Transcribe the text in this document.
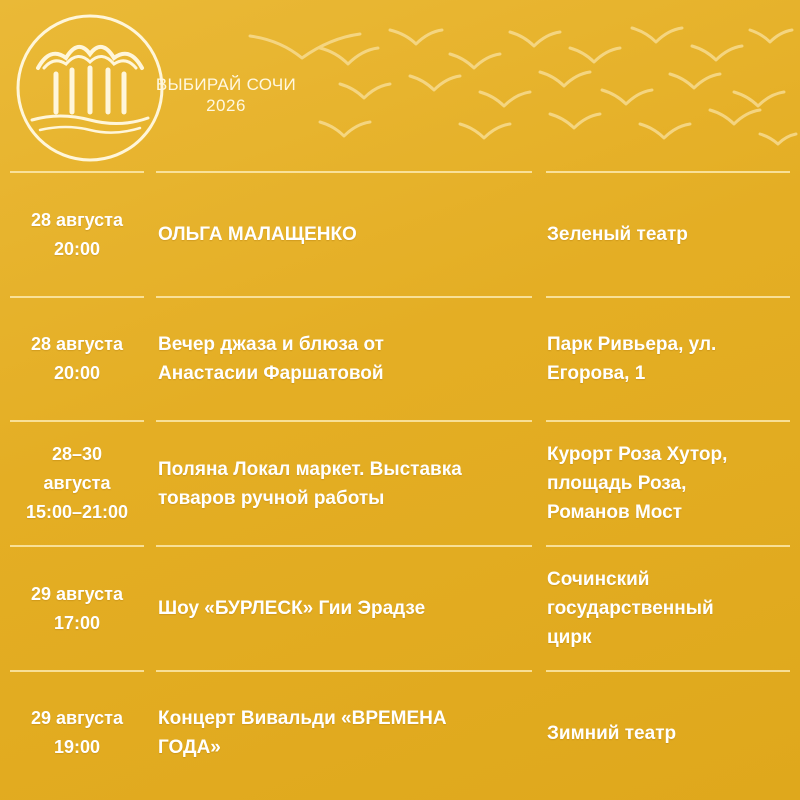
ВЫБИРАЙ СОЧИ
2026
28 августа
20:00
ОЛЬГА МАЛАЩЕНКО	Зеленый театр
28 августа
20:00
Вечер джаза и блюза от
Анастасии Фаршатовой
Парк Ривьера, ул.
Егорова, 1
28–30
августа
15:00–21:00
Поляна Локал маркет. Выставка
товаров ручной работы
Курорт Роза Хутор,
площадь Роза,
Романов Мост
29 августа
17:00
Шоу «БУРЛЕСК» Гии Эрадзе
Сочинский
государственный
цирк
29 августа
19:00
Концерт Вивальди «ВРЕМЕНА
ГОДА»
Зимний театр
